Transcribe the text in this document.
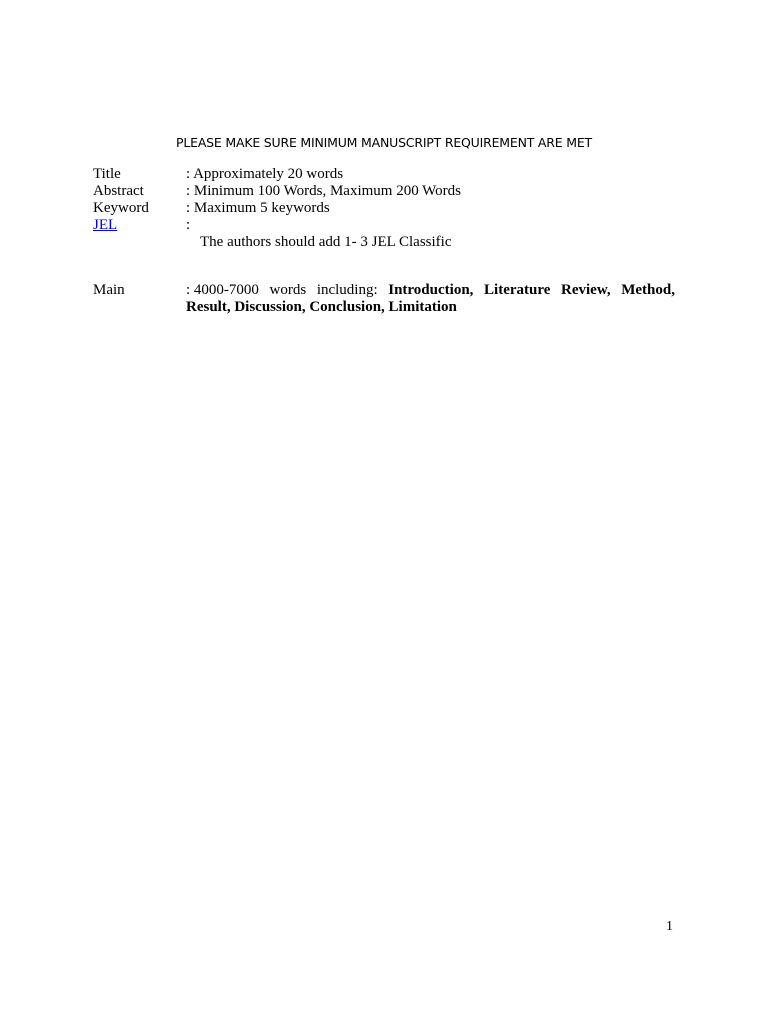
PLEASE MAKE SURE MINIMUM MANUSCRIPT REQUIREMENT ARE MET
Title	: Approximately 20 words
Abstract	: Minimum 100 Words, Maximum 200 Words
Keyword : Maximum 5 keywords
JEL	:
The authors should add 1- 3 JEL Classific
Main	: 4000-7000 words including: Introduction, Literature Review, Method,
Result, Discussion, Conclusion, Limitation
1
